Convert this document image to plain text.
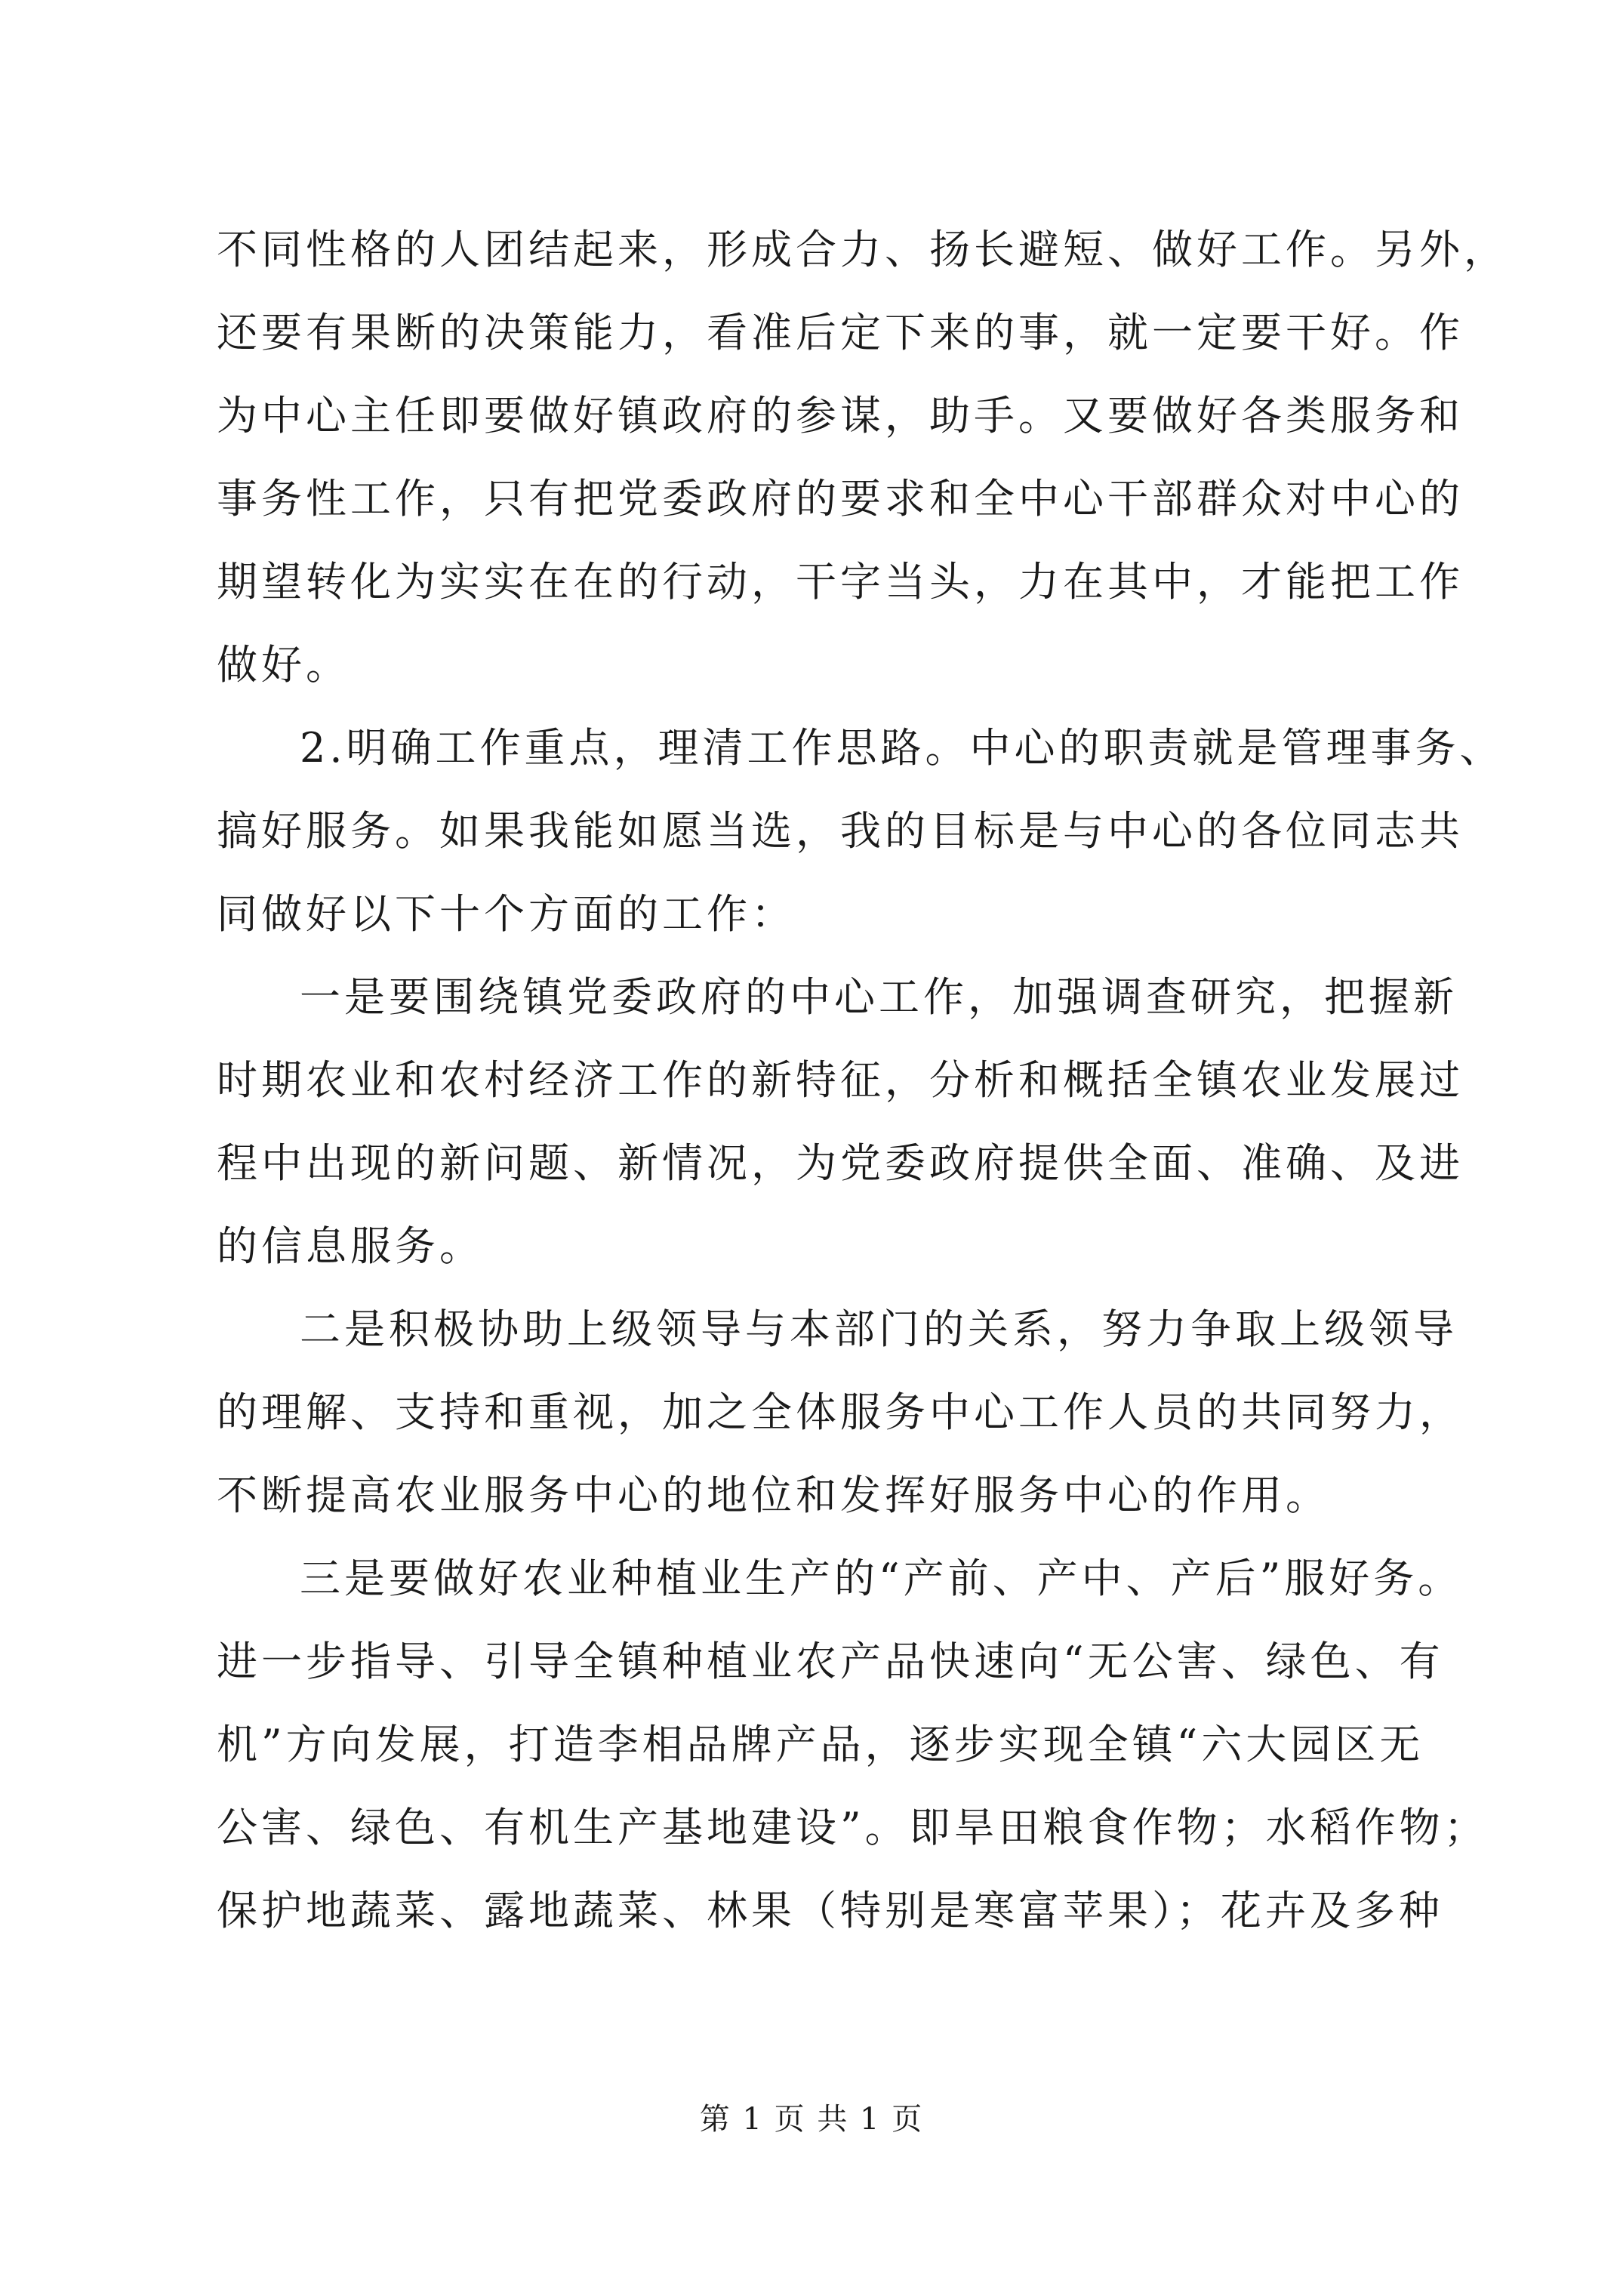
不同性格的人团结起来，形成合力、扬长避短、做好工作。另外，
还要有果断的决策能力，看准后定下来的事，就一定要干好。作
为中心主任即要做好镇政府的参谋，助手。又要做好各类服务和
事务性工作，只有把党委政府的要求和全中心干部群众对中心的
期望转化为实实在在的行动，干字当头，力在其中，才能把工作
做好。
2.明确工作重点，理清工作思路。中心的职责就是管理事务、
搞好服务。如果我能如愿当选，我的目标是与中心的各位同志共
同做好以下十个方面的工作：
一是要围绕镇党委政府的中心工作，加强调查研究，把握新
时期农业和农村经济工作的新特征，分析和概括全镇农业发展过
程中出现的新问题、新情况，为党委政府提供全面、准确、及进
的信息服务。
二是积极协助上级领导与本部门的关系，努力争取上级领导
的理解、支持和重视，加之全体服务中心工作人员的共同努力，
不断提高农业服务中心的地位和发挥好服务中心的作用。
三是要做好农业种植业生产的“产前、产中、产后”服好务。
进一步指导、引导全镇种植业农产品快速向“无公害、绿色、有
机”方向发展，打造李相品牌产品，逐步实现全镇“六大园区无
公害、绿色、有机生产基地建设”。即旱田粮食作物；水稻作物；
保护地蔬菜、露地蔬菜、林果（特别是寒富苹果）；花卉及多种
第 1 页 共 1 页
